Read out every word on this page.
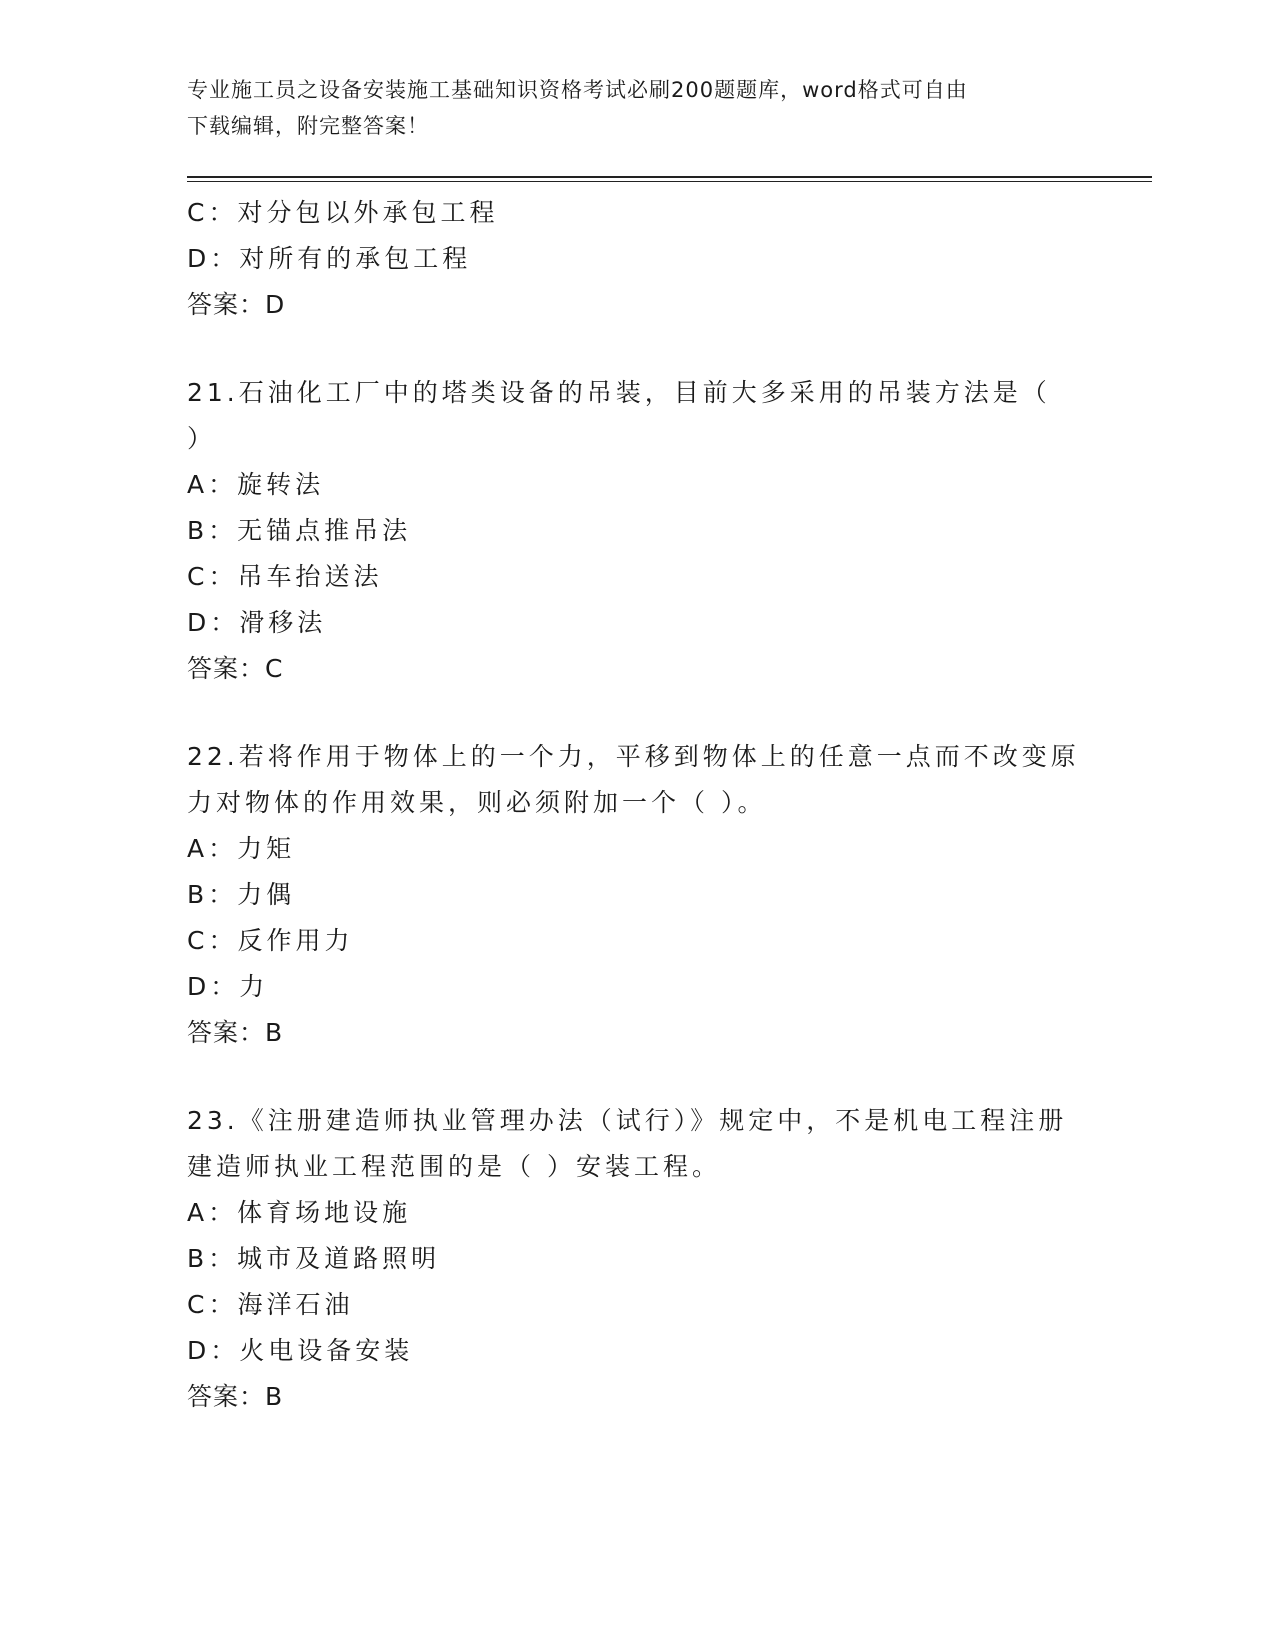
专业施工员之设备安装施工基础知识资格考试必刷200题题库，word格式可自由
下载编辑，附完整答案！
C：对分包以外承包工程
D：对所有的承包工程
答案：D
21.石油化工厂中的塔类设备的吊装，目前大多采用的吊装方法是（
）
A：旋转法
B：无锚点推吊法
C：吊车抬送法
D：滑移法
答案：C
22.若将作用于物体上的一个力，平移到物体上的任意一点而不改变原
力对物体的作用效果，则必须附加一个（ ）。
A：力矩
B：力偶
C：反作用力
D：力
答案：B
23.《注册建造师执业管理办法（试行）》规定中，不是机电工程注册
建造师执业工程范围的是（ ）安装工程。
A：体育场地设施
B：城市及道路照明
C：海洋石油
D：火电设备安装
答案：B
